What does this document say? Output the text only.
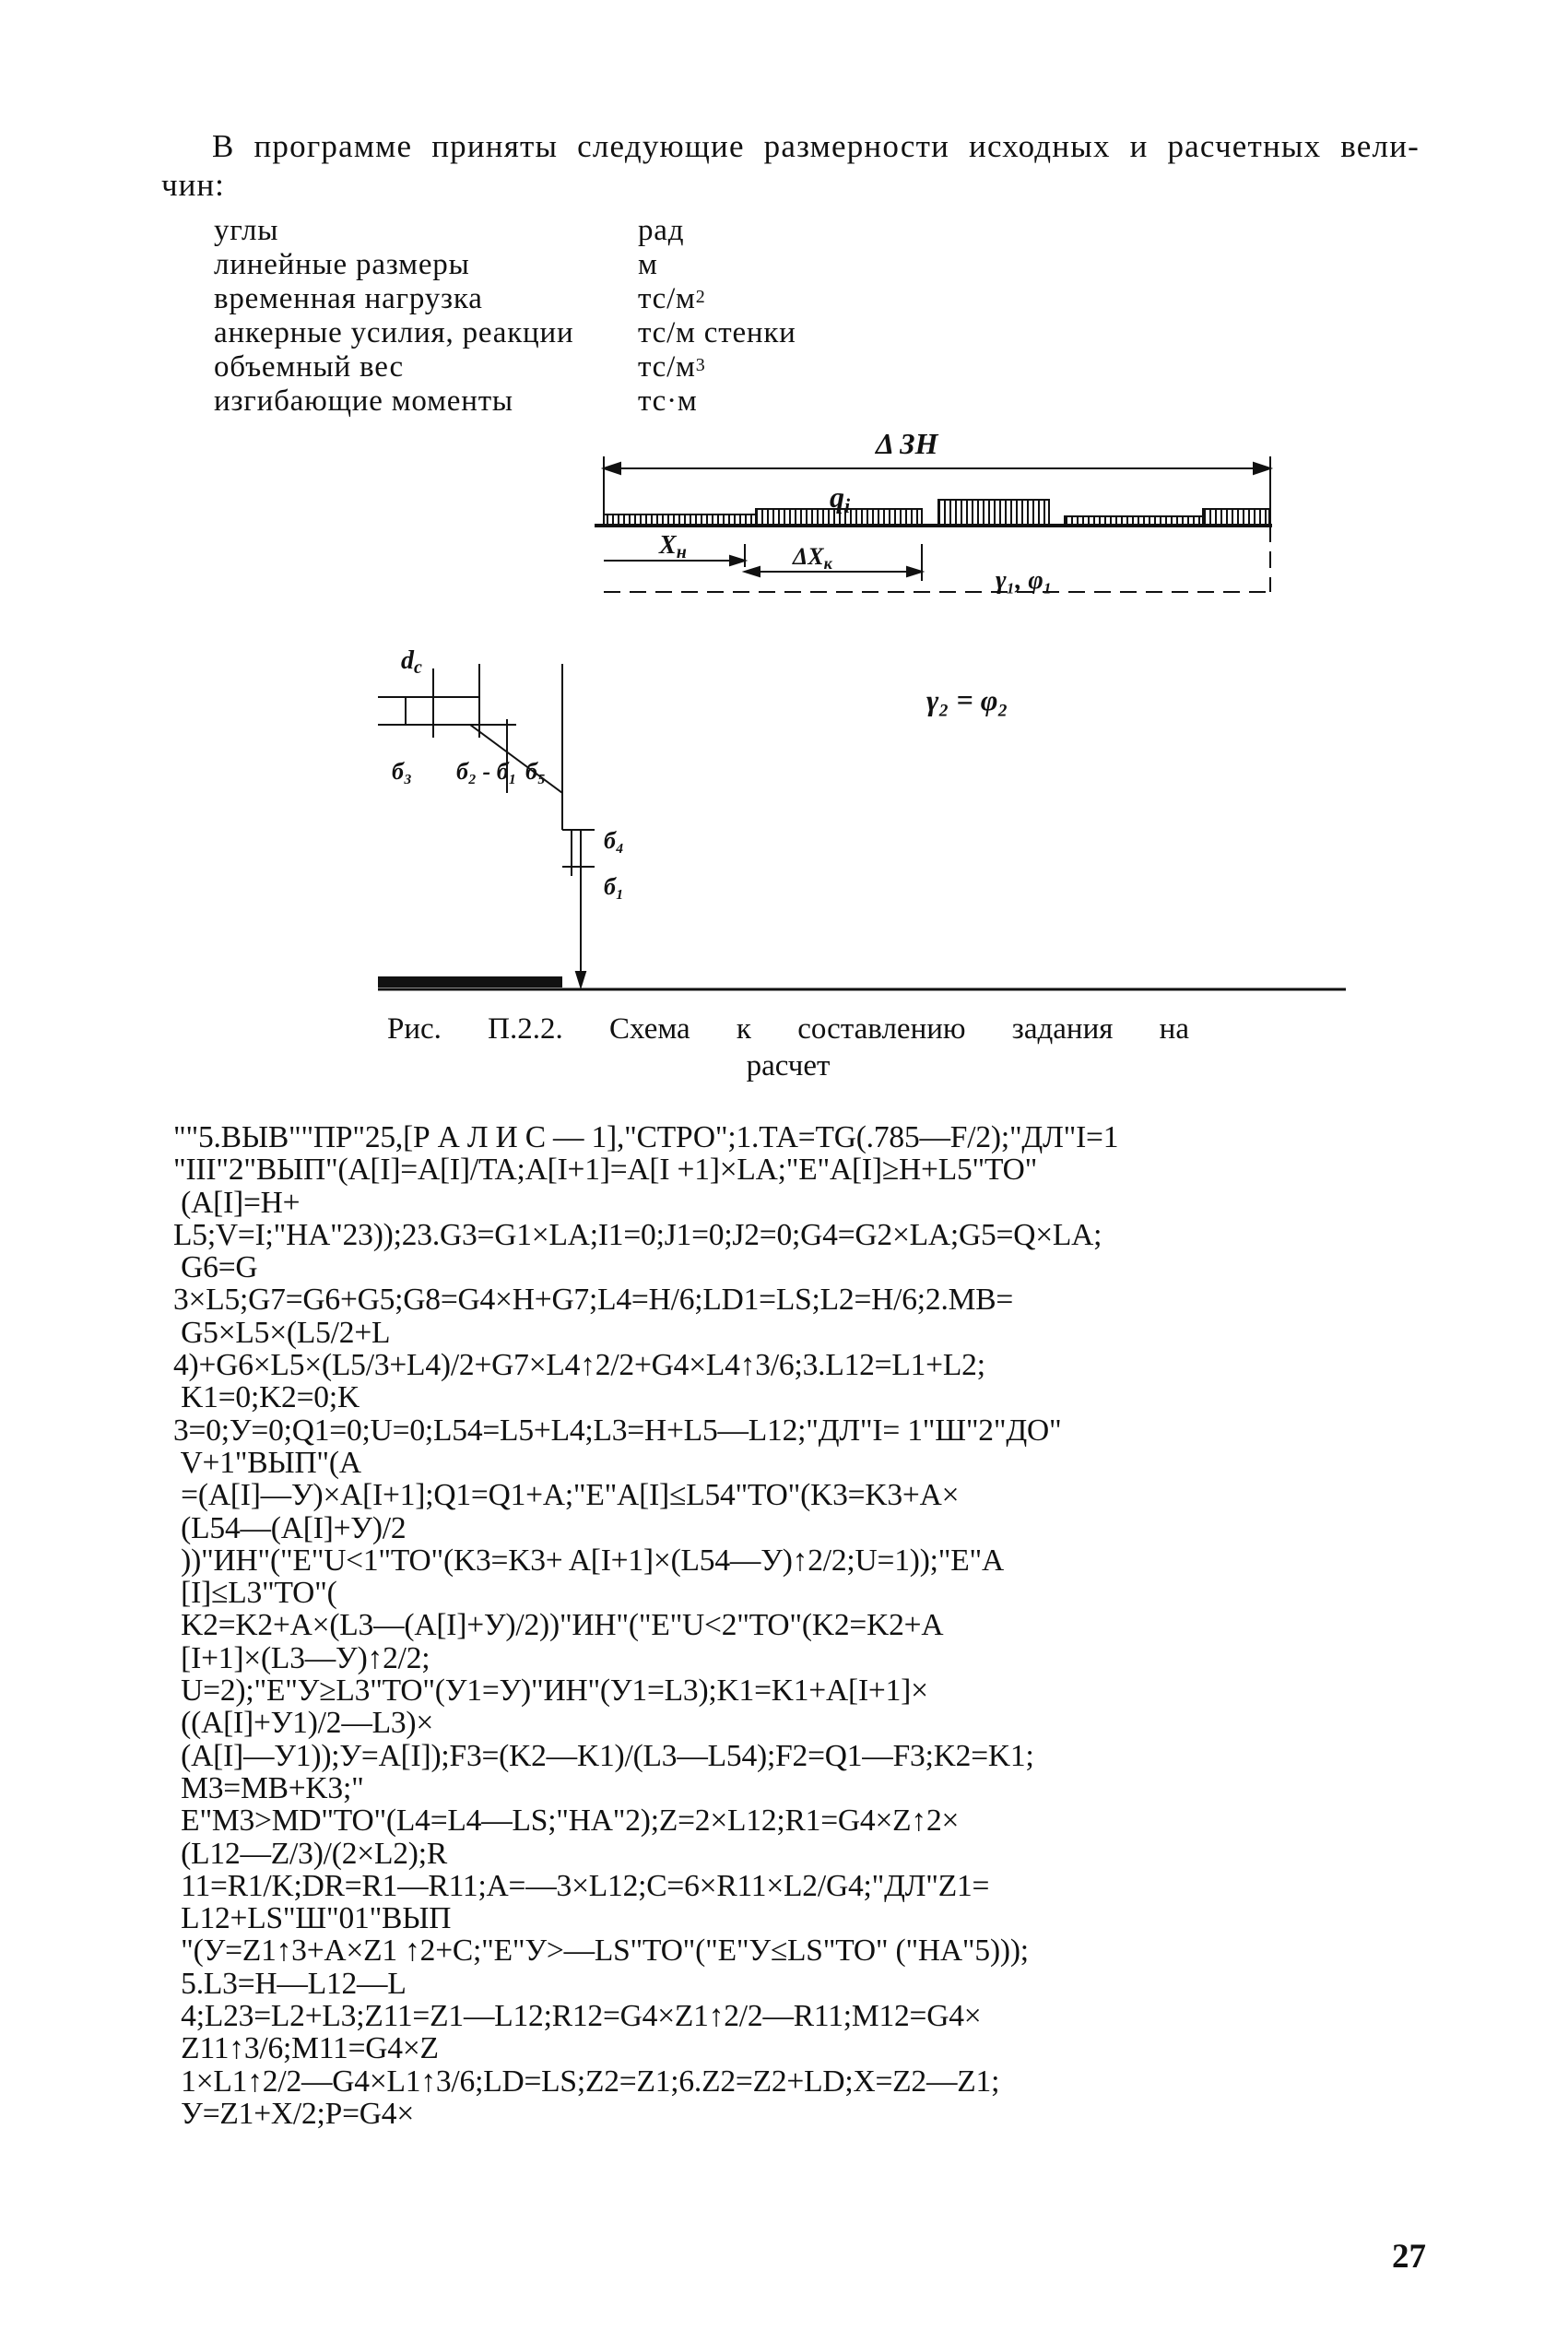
В программе приняты следующие размерности исходных и расчетных вели-
чин:
углы	рад
линейные размеры	м
временная нагрузка	$тс/м^2$
анкерные усилия, реакции	тс/м стенки
объемный вес	$тс/м^3$
изгибающие моменты	тс·м
Δ ЗН
qi
Xн	ΔXк
γ₁, φ₁
γ₂ = φ₂
dc
б₃ б₂ - б₁ б₅
б₄
б₁
Рис. П.2.2. Схема к составлению задания на
расчет
""5.ВЫВ""ПР"25,[Р А Л И С — 1],"СТРО";1.ТА=TG(.785—F/2);"ДЛ"I=1
"III"2"ВЫП"(A[I]=A[I]/TA;A[I+1]=A[I +1]×LA;"E"A[I]≥H+L5"TO"
(A[I]=H+
L5;V=I;"HA"23));23.G3=G1×LA;I1=0;J1=0;J2=0;G4=G2×LA;G5=Q×LA;
G6=G
3×L5;G7=G6+G5;G8=G4×H+G7;L4=H/6;LD1=LS;L2=H/6;2.MB=
G5×L5×(L5/2+L
4)+G6×L5×(L5/3+L4)/2+G7×L4↑2/2+G4×L4↑3/6;3.L12=L1+L2;
K1=0;K2=0;K
3=0;У=0;Q1=0;U=0;L54=L5+L4;L3=H+L5—L12;"ДЛ"I= 1"Ш"2"ДО"
V+1"ВЫП"(A
=(A[I]—У)×A[I+1];Q1=Q1+A;"E"A[I]≤L54"TO"(K3=K3+A×
(L54—(A[I]+У)/2
))"ИН"("E"U<1"TO"(K3=K3+ A[I+1]×(L54—У)↑2/2;U=1));"E"A
[I]≤L3"TO"(
K2=K2+A×(L3—(A[I]+У)/2))"ИН"("E"U<2"TO"(K2=K2+A
[I+1]×(L3—У)↑2/2;
U=2);"E"У≥L3"TO"(У1=У)"ИН"(У1=L3);K1=K1+A[I+1]×
((A[I]+У1)/2—L3)×
(A[I]—У1));У=A[I]);F3=(K2—K1)/(L3—L54);F2=Q1—F3;K2=K1;
M3=MB+K3;"
E"M3>MD"TO"(L4=L4—LS;"HA"2);Z=2×L12;R1=G4×Z↑2×
(L12—Z/3)/(2×L2);R
11=R1/K;DR=R1—R11;A=—3×L12;C=6×R11×L2/G4;"ДЛ"Z1=
L12+LS"Ш"01"ВЫП
"(У=Z1↑3+A×Z1 ↑2+C;"E"У>—LS"TO"("E"У≤LS"TO" ("HA"5)));
5.L3=H—L12—L
4;L23=L2+L3;Z11=Z1—L12;R12=G4×Z1↑2/2—R11;M12=G4×
Z11↑3/6;M11=G4×Z
1×L1↑2/2—G4×L1↑3/6;LD=LS;Z2=Z1;6.Z2=Z2+LD;X=Z2—Z1;
У=Z1+X/2;P=G4×
27
